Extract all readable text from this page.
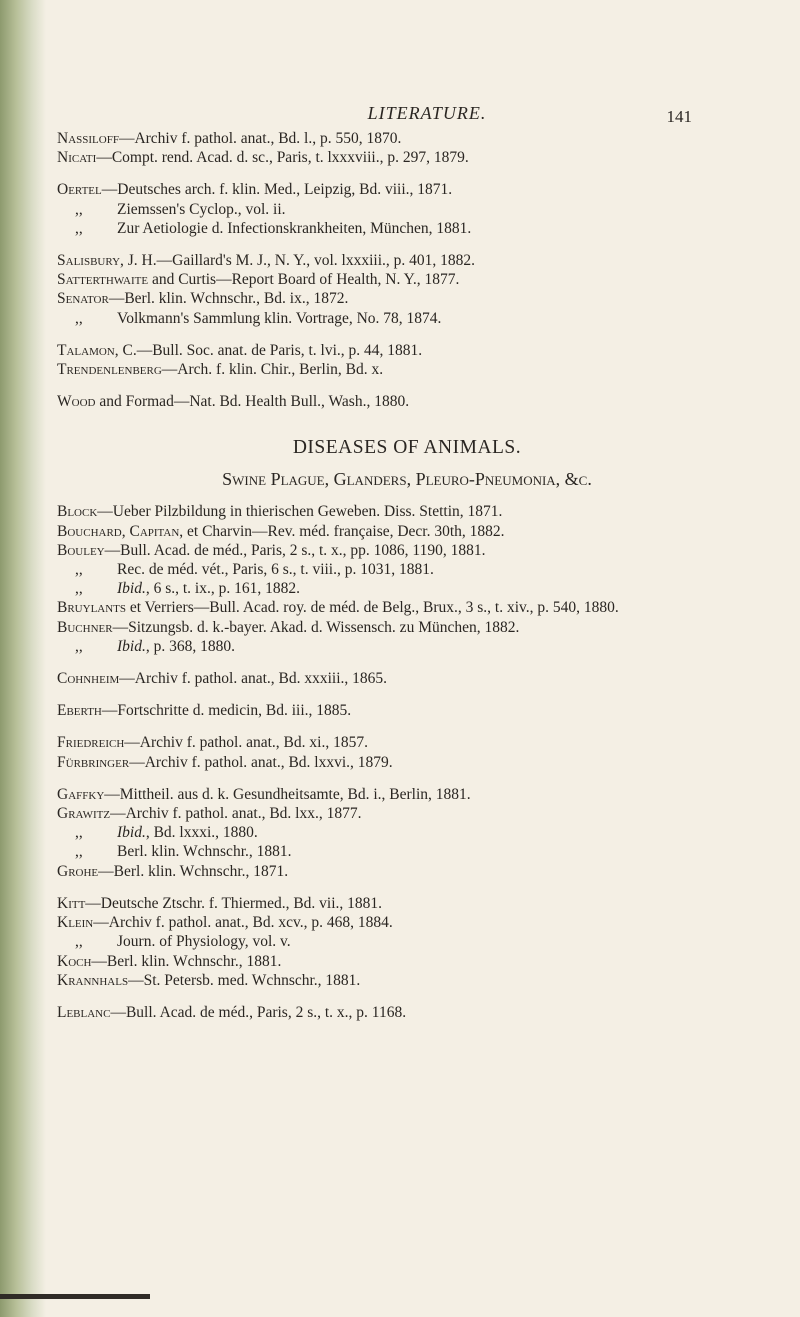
LITERATURE.	141
Nassiloff—Archiv f. pathol. anat., Bd. l., p. 550, 1870.
Nicati—Compt. rend. Acad. d. sc., Paris, t. lxxxviii., p. 297, 1879.
Oertel—Deutsches arch. f. klin. Med., Leipzig, Bd. viii., 1871.
,, Ziemssen's Cyclop., vol. ii.
,, Zur Aetiologie d. Infectionskrankheiten, München, 1881.
Salisbury, J. H.—Gaillard's M. J., N. Y., vol. lxxxiii., p. 401, 1882.
Satterthwaite and Curtis—Report Board of Health, N. Y., 1877.
Senator—Berl. klin. Wchnschr., Bd. ix., 1872.
,, Volkmann's Sammlung klin. Vortrage, No. 78, 1874.
Talamon, C.—Bull. Soc. anat. de Paris, t. lvi., p. 44, 1881.
Trendenlenberg—Arch. f. klin. Chir., Berlin, Bd. x.
Wood and Formad—Nat. Bd. Health Bull., Wash., 1880.
DISEASES OF ANIMALS.
Swine Plague, Glanders, Pleuro-Pneumonia, &c.
Block—Ueber Pilzbildung in thierischen Geweben. Diss. Stettin, 1871.
Bouchard, Capitan, et Charvin—Rev. méd. française, Decr. 30th, 1882.
Bouley—Bull. Acad. de méd., Paris, 2 s., t. x., pp. 1086, 1190, 1881.
,, Rec. de méd. vét., Paris, 6 s., t. viii., p. 1031, 1881.
,, Ibid., 6 s., t. ix., p. 161, 1882.
Bruylants et Verriers—Bull. Acad. roy. de méd. de Belg., Brux., 3 s., t. xiv., p. 540, 1880.
Buchner—Sitzungsb. d. k.-bayer. Akad. d. Wissensch. zu München, 1882.
,, Ibid., p. 368, 1880.
Cohnheim—Archiv f. pathol. anat., Bd. xxxiii., 1865.
Eberth—Fortschritte d. medicin, Bd. iii., 1885.
Friedreich—Archiv f. pathol. anat., Bd. xi., 1857.
Fürbringer—Archiv f. pathol. anat., Bd. lxxvi., 1879.
Gaffky—Mittheil. aus d. k. Gesundheitsamte, Bd. i., Berlin, 1881.
Grawitz—Archiv f. pathol. anat., Bd. lxx., 1877.
,, Ibid., Bd. lxxxi., 1880.
,, Berl. klin. Wchnschr., 1881.
Grohe—Berl. klin. Wchnschr., 1871.
Kitt—Deutsche Ztschr. f. Thiermed., Bd. vii., 1881.
Klein—Archiv f. pathol. anat., Bd. xcv., p. 468, 1884.
,, Journ. of Physiology, vol. v.
Koch—Berl. klin. Wchnschr., 1881.
Krannhals—St. Petersb. med. Wchnschr., 1881.
Leblanc—Bull. Acad. de méd., Paris, 2 s., t. x., p. 1168.
